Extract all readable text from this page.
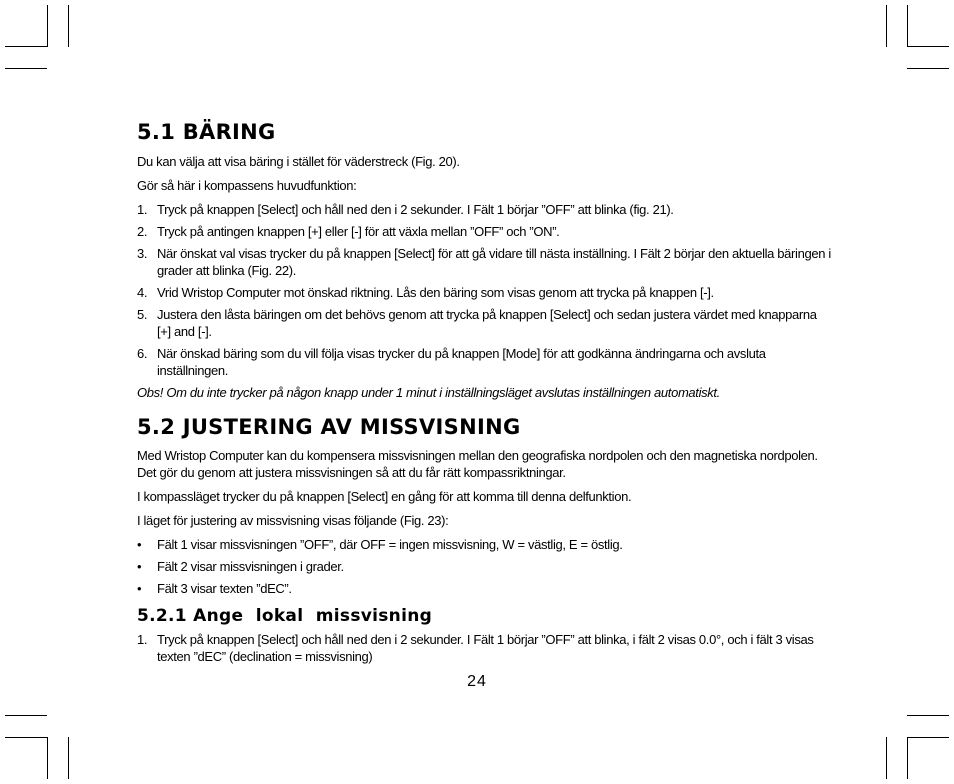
5.1 BÄRING

Du kan välja att visa bäring i stället för väderstreck (Fig. 20).

Gör så här i kompassens huvudfunktion:

1. Tryck på knappen [Select] och håll ned den i 2 sekunder. I Fält 1 börjar ”OFF” att blinka (fig. 21).
2. Tryck på antingen knappen [+] eller [-] för att växla mellan ”OFF” och ”ON”.
3. När önskat val visas trycker du på knappen [Select] för att gå vidare till nästa inställning. I Fält 2 börjar den aktuella bäringen i grader att blinka (Fig. 22).
4. Vrid Wristop Computer mot önskad riktning. Lås den bäring som visas genom att trycka på knappen [-].
5. Justera den låsta bäringen om det behövs genom att trycka på knappen [Select] och sedan justera värdet med knapparna [+] and [-].
6. När önskad bäring som du vill följa visas trycker du på knappen [Mode] för att godkänna ändringarna och avsluta inställningen.

Obs! Om du inte trycker på någon knapp under 1 minut i inställningsläget avslutas inställningen automatiskt.

5.2 JUSTERING AV MISSVISNING

Med Wristop Computer kan du kompensera missvisningen mellan den geografiska nordpolen och den magnetiska nordpolen. Det gör du genom att justera missvisningen så att du får rätt kompassriktningar.

I kompassläget trycker du på knappen [Select] en gång för att komma till denna delfunktion.

I läget för justering av missvisning visas följande (Fig. 23):

• Fält 1 visar missvisningen ”OFF”, där OFF = ingen missvisning, W = västlig, E = östlig.
• Fält 2 visar missvisningen i grader.
• Fält 3 visar texten ”dEC”.
5.2.1 Ange  lokal  missvisning
1. Tryck på knappen [Select] och håll ned den i 2 sekunder. I Fält 1 börjar ”OFF” att blinka, i fält 2 visas 0.0°, och i fält 3 visas texten ”dEC” (declination = missvisning)
24
